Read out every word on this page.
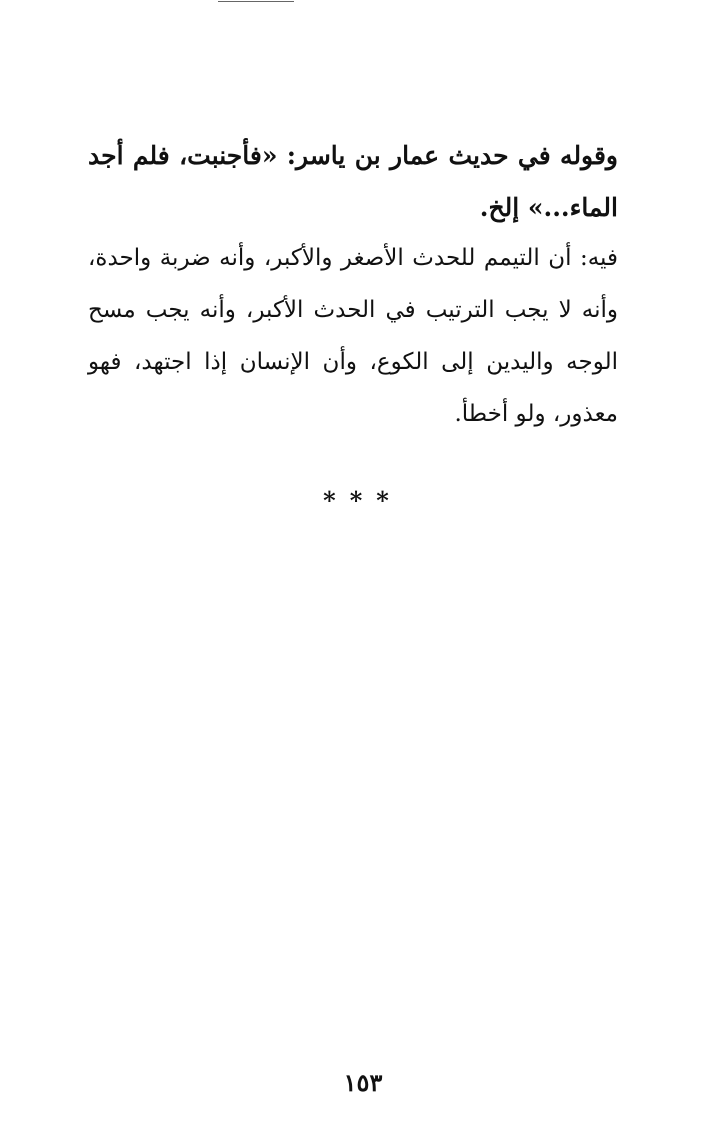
وقوله في حديث عمار بن ياسر: «فأجنبت، فلم أجد الماء...» إلخ.
فيه: أن التيمم للحدث الأصغر والأكبر، وأنه ضربة واحدة، وأنه لا يجب الترتيب في الحدث الأكبر، وأنه يجب مسح الوجه واليدين إلى الكوع، وأن الإنسان إذا اجتهد، فهو معذور، ولو أخطأ.
***
١٥٣
